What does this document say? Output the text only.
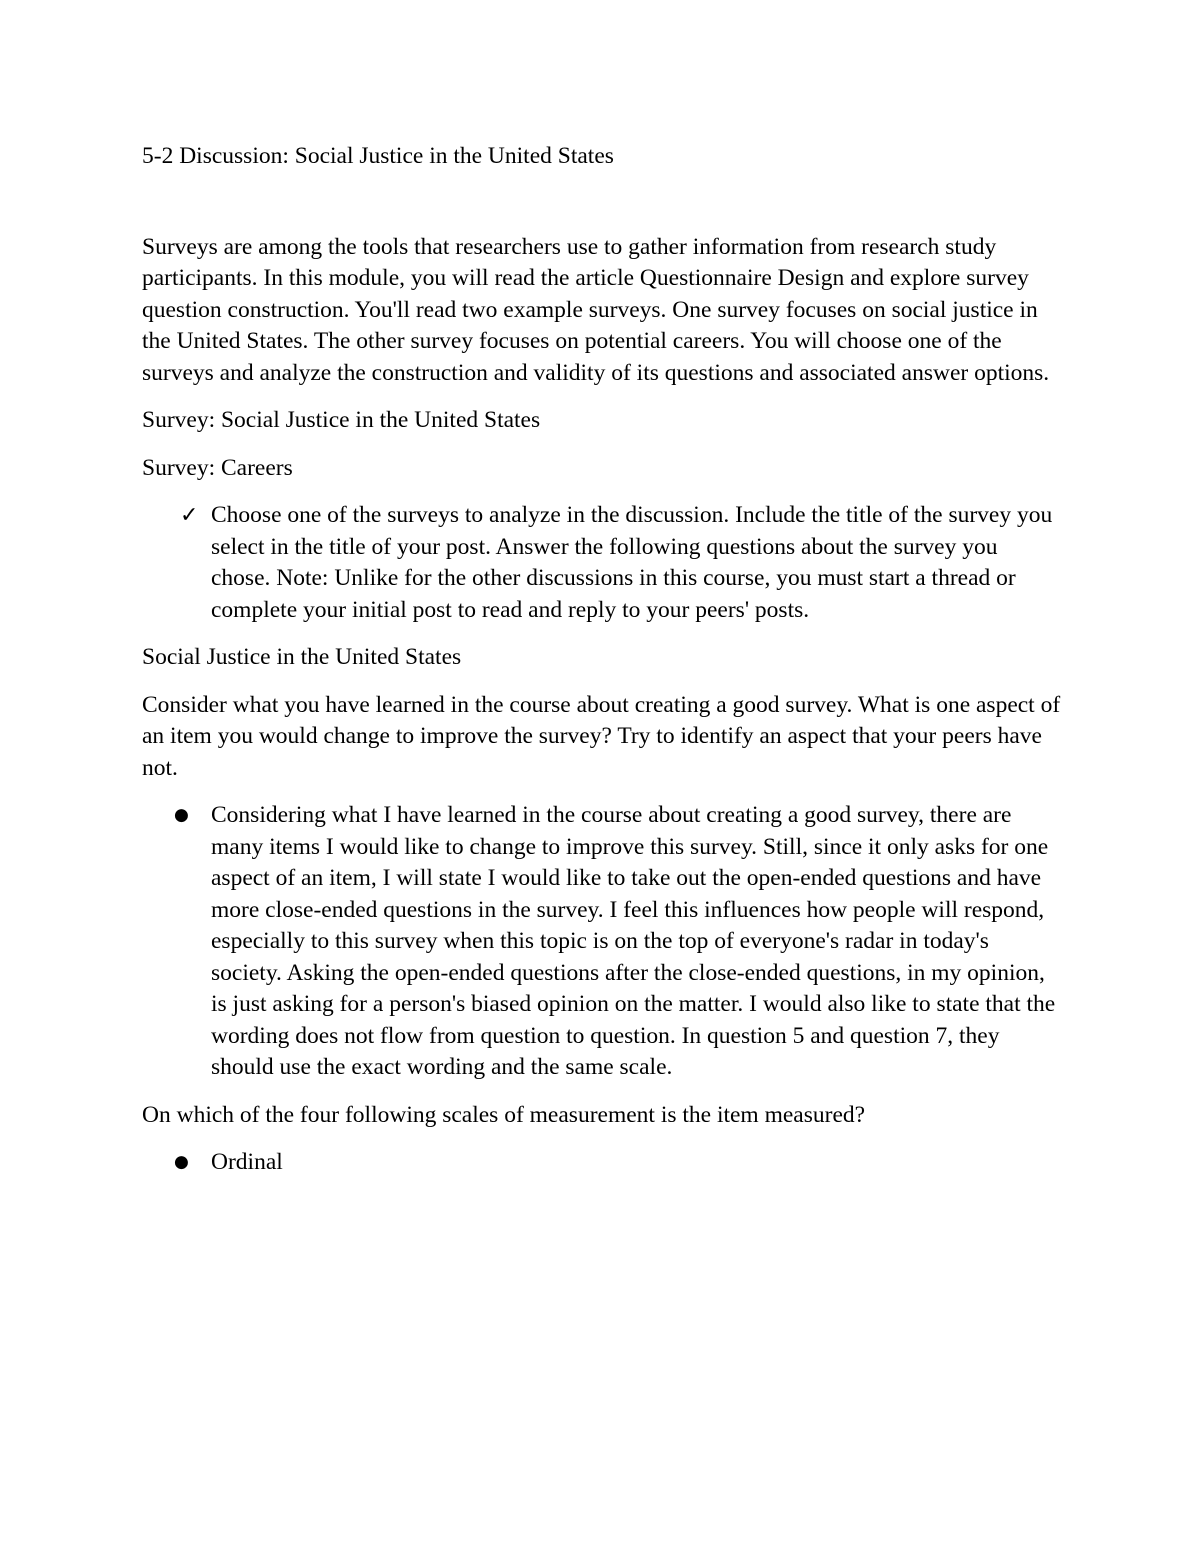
5-2 Discussion: Social Justice in the United States

Surveys are among the tools that researchers use to gather information from research study participants. In this module, you will read the article Questionnaire Design and explore survey question construction. You'll read two example surveys. One survey focuses on social justice in the United States. The other survey focuses on potential careers. You will choose one of the surveys and analyze the construction and validity of its questions and associated answer options.

Survey: Social Justice in the United States

Survey: Careers

✓ Choose one of the surveys to analyze in the discussion. Include the title of the survey you select in the title of your post. Answer the following questions about the survey you chose. Note: Unlike for the other discussions in this course, you must start a thread or complete your initial post to read and reply to your peers' posts.

Social Justice in the United States

Consider what you have learned in the course about creating a good survey. What is one aspect of an item you would change to improve the survey? Try to identify an aspect that your peers have not.

● Considering what I have learned in the course about creating a good survey, there are many items I would like to change to improve this survey. Still, since it only asks for one aspect of an item, I will state I would like to take out the open-ended questions and have more close-ended questions in the survey. I feel this influences how people will respond, especially to this survey when this topic is on the top of everyone's radar in today's society. Asking the open-ended questions after the close-ended questions, in my opinion, is just asking for a person's biased opinion on the matter. I would also like to state that the wording does not flow from question to question. In question 5 and question 7, they should use the exact wording and the same scale.

On which of the four following scales of measurement is the item measured?

● Ordinal
